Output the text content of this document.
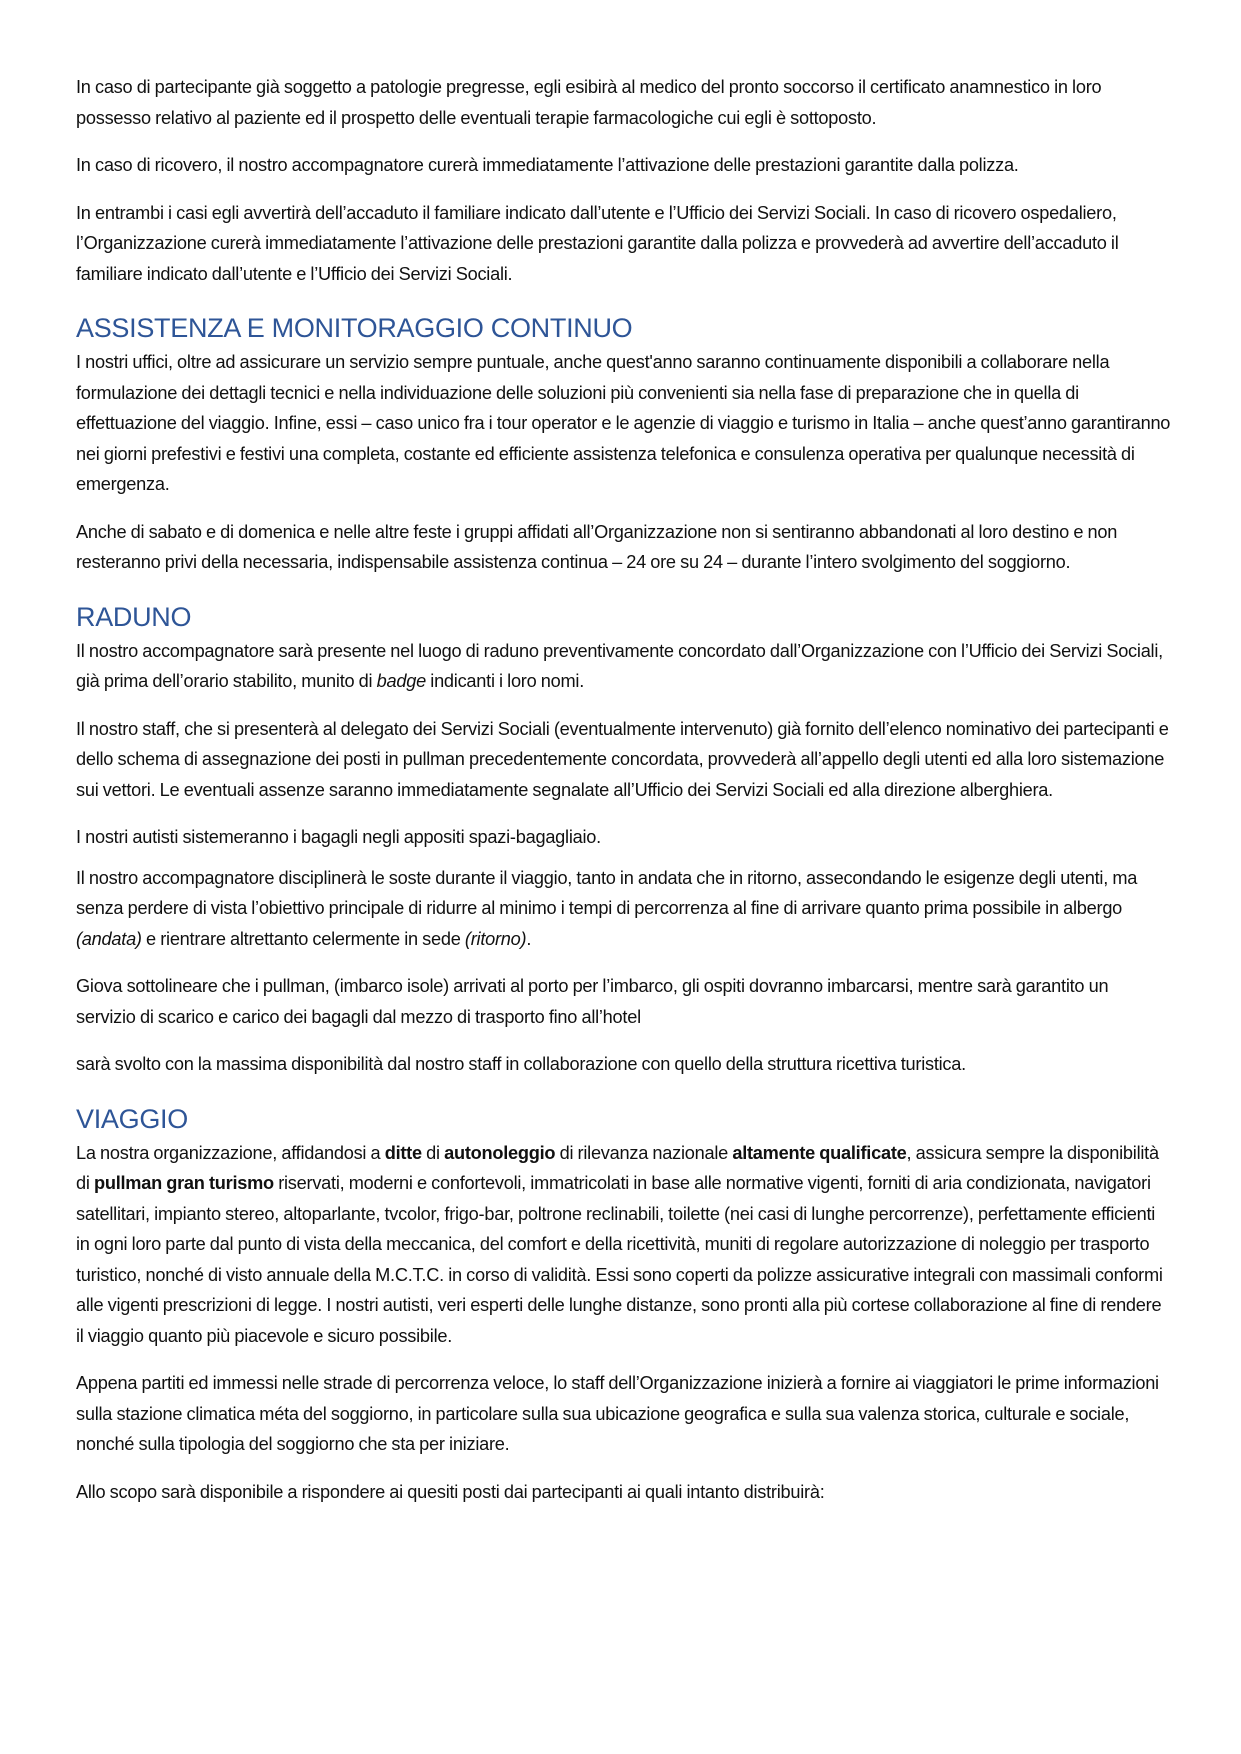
In caso di partecipante già soggetto a patologie pregresse, egli esibirà al medico del pronto soccorso il certificato anamnestico in loro possesso relativo al paziente ed il prospetto delle eventuali terapie farmacologiche cui egli è sottoposto.

In caso di ricovero, il nostro accompagnatore curerà immediatamente l’attivazione delle prestazioni garantite dalla polizza.

In entrambi i casi egli avvertirà dell’accaduto il familiare indicato dall’utente e l’Ufficio dei Servizi Sociali. In caso di ricovero ospedaliero, l’Organizzazione curerà immediatamente l’attivazione delle prestazioni garantite dalla polizza e provvederà ad avvertire dell’accaduto il familiare indicato dall’utente e l’Ufficio dei Servizi Sociali.

ASSISTENZA E MONITORAGGIO CONTINUO

I nostri uffici, oltre ad assicurare un servizio sempre puntuale, anche quest'anno saranno continuamente disponibili a collaborare nella formulazione dei dettagli tecnici e nella individuazione delle soluzioni più convenienti sia nella fase di preparazione che in quella di effettuazione del viaggio. Infine, essi – caso unico fra i tour operator e le agenzie di viaggio e turismo in Italia – anche quest’anno garantiranno nei giorni prefestivi e festivi una completa, costante ed efficiente assistenza telefonica e consulenza operativa per qualunque necessità di emergenza.

Anche di sabato e di domenica e nelle altre feste i gruppi affidati all’Organizzazione non si sentiranno abbandonati al loro destino e non resteranno privi della necessaria, indispensabile assistenza continua – 24 ore su 24 – durante l’intero svolgimento del soggiorno.

RADUNO

Il nostro accompagnatore sarà presente nel luogo di raduno preventivamente concordato dall’Organizzazione con l’Ufficio dei Servizi Sociali, già prima dell’orario stabilito, munito di badge indicanti i loro nomi.

Il nostro staff, che si presenterà al delegato dei Servizi Sociali (eventualmente intervenuto) già fornito dell’elenco nominativo dei partecipanti e dello schema di assegnazione dei posti in pullman precedentemente concordata, provvederà all’appello degli utenti ed alla loro sistemazione sui vettori. Le eventuali assenze saranno immediatamente segnalate all’Ufficio dei Servizi Sociali ed alla direzione alberghiera.

I nostri autisti sistemeranno i bagagli negli appositi spazi-bagagliaio.

Il nostro accompagnatore disciplinerà le soste durante il viaggio, tanto in andata che in ritorno, assecondando le esigenze degli utenti, ma senza perdere di vista l’obiettivo principale di ridurre al minimo i tempi di percorrenza al fine di arrivare quanto prima possibile in albergo (andata) e rientrare altrettanto celermente in sede (ritorno).

Giova sottolineare che i pullman, (imbarco isole) arrivati al porto per l’imbarco, gli ospiti dovranno imbarcarsi, mentre sarà garantito un servizio di scarico e carico dei bagagli dal mezzo di trasporto fino all’hotel

sarà svolto con la massima disponibilità dal nostro staff in collaborazione con quello della struttura ricettiva turistica.

VIAGGIO

La nostra organizzazione, affidandosi a ditte di autonoleggio di rilevanza nazionale altamente qualificate, assicura sempre la disponibilità di pullman gran turismo riservati, moderni e confortevoli, immatricolati in base alle normative vigenti, forniti di aria condizionata, navigatori satellitari, impianto stereo, altoparlante, tvcolor, frigo-bar, poltrone reclinabili, toilette (nei casi di lunghe percorrenze), perfettamente efficienti in ogni loro parte dal punto di vista della meccanica, del comfort e della ricettività, muniti di regolare autorizzazione di noleggio per trasporto turistico, nonché di visto annuale della M.C.T.C. in corso di validità. Essi sono coperti da polizze assicurative integrali con massimali conformi alle vigenti prescrizioni di legge. I nostri autisti, veri esperti delle lunghe distanze, sono pronti alla più cortese collaborazione al fine di rendere il viaggio quanto più piacevole e sicuro possibile.

Appena partiti ed immessi nelle strade di percorrenza veloce, lo staff dell’Organizzazione inizierà a fornire ai viaggiatori le prime informazioni sulla stazione climatica méta del soggiorno, in particolare sulla sua ubicazione geografica e sulla sua valenza storica, culturale e sociale, nonché sulla tipologia del soggiorno che sta per iniziare.

Allo scopo sarà disponibile a rispondere ai quesiti posti dai partecipanti ai quali intanto distribuirà:
